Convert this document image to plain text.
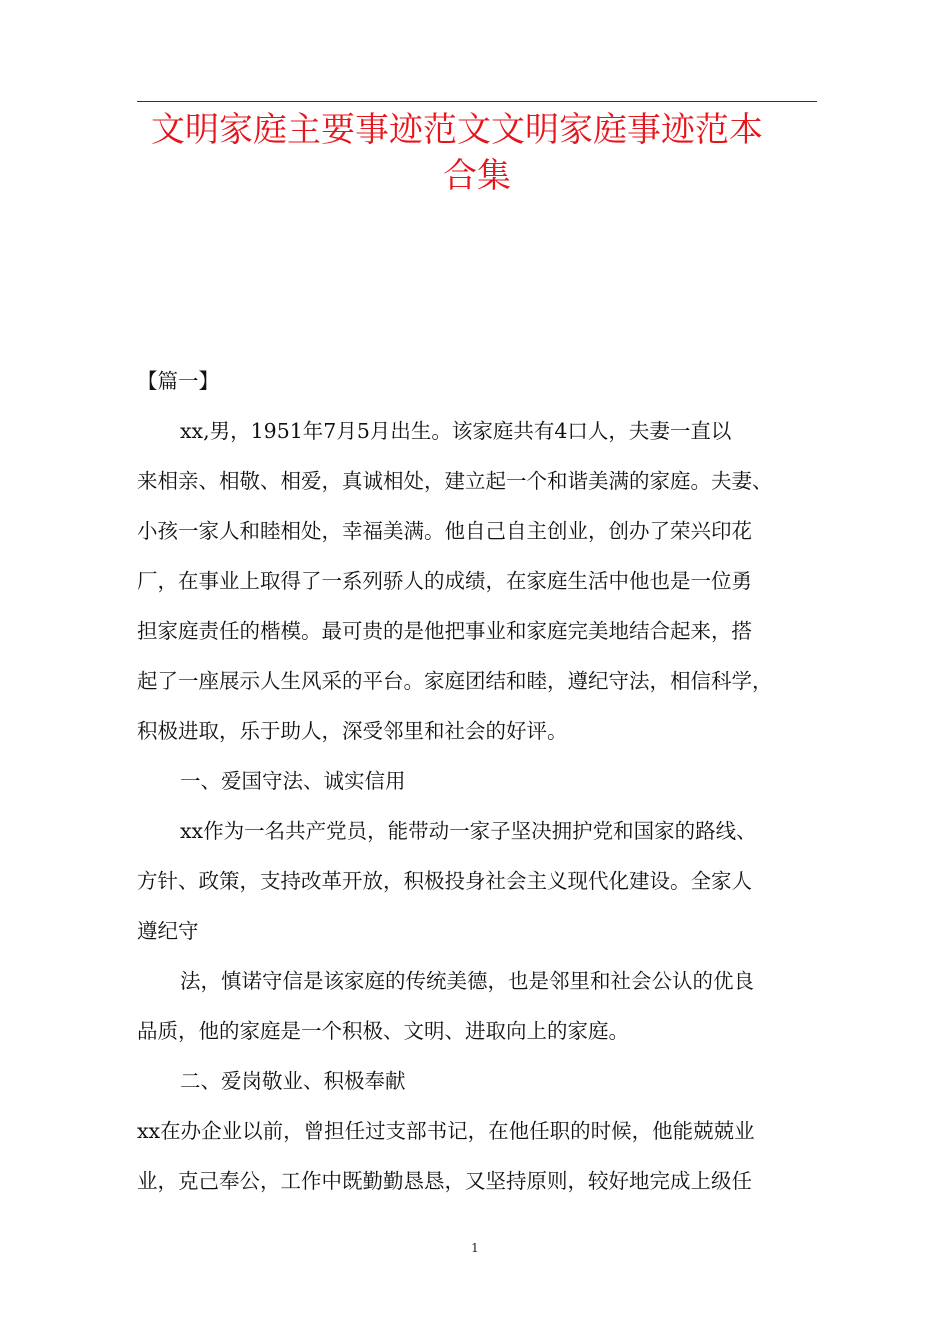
文明家庭主要事迹范文文明家庭事迹范本
合集

【篇一】

xx,男，1951年7月5月出生。该家庭共有4口人，夫妻一直以

来相亲、相敬、相爱，真诚相处，建立起一个和谐美满的家庭。夫妻、

小孩一家人和睦相处，幸福美满。他自己自主创业，创办了荣兴印花

厂，在事业上取得了一系列骄人的成绩，在家庭生活中他也是一位勇

担家庭责任的楷模。最可贵的是他把事业和家庭完美地结合起来，搭

起了一座展示人生风采的平台。家庭团结和睦，遵纪守法，相信科学，

积极进取，乐于助人，深受邻里和社会的好评。

一、爱国守法、诚实信用

xx作为一名共产党员，能带动一家子坚决拥护党和国家的路线、

方针、政策，支持改革开放，积极投身社会主义现代化建设。全家人

遵纪守

法，慎诺守信是该家庭的传统美德，也是邻里和社会公认的优良

品质，他的家庭是一个积极、文明、进取向上的家庭。

二、爱岗敬业、积极奉献

xx在办企业以前，曾担任过支部书记，在他任职的时候，他能兢兢业

业，克己奉公，工作中既勤勤恳恳，又坚持原则，较好地完成上级任

1
